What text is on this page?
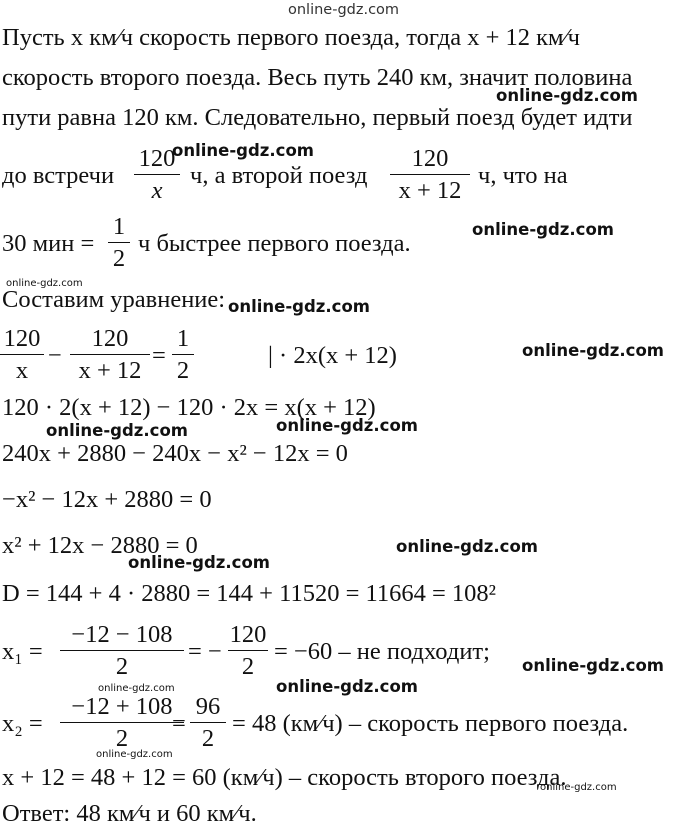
Пусть x км⁄ч скорость первого поезда, тогда x + 12 км⁄ч
скорость второго поезда. Весь путь 240 км, значит половина
пути равна 120 км. Следовательно, первый поезд будет идти
до встречи
120
x
ч, а второй поезд
120
x + 12
ч, что на
30 мин =
1
2
ч быстрее первого поезда.
Составим уравнение:
120
x
−
120
x + 12
=
1
2
| · 2x(x + 12)
120 · 2(x + 12) − 120 · 2x = x(x + 12)
240x + 2880 − 240x − x² − 12x = 0
−x² − 12x + 2880 = 0
x² + 12x − 2880 = 0
D = 144 + 4 · 2880 = 144 + 11520 = 11664 = 108²
x₁ =
−12 − 108
2
= −
120
2
= −60 – не подходит;
x₂ =
−12 + 108
2
=
96
2
= 48 (км⁄ч) – скорость первого поезда.
x + 12 = 48 + 12 = 60 (км⁄ч) – скорость второго поезда.
Ответ: 48 км⁄ч и 60 км⁄ч.
online-gdz.com
online-gdz.com
online-gdz.com
online-gdz.com
online-gdz.com
online-gdz.com
online-gdz.com
online-gdz.com	online-gdz.com
online-gdz.com
online-gdz.com
online-gdz.com
online-gdz.com	online-gdz.com
online-gdz.com
online-gdz.com
